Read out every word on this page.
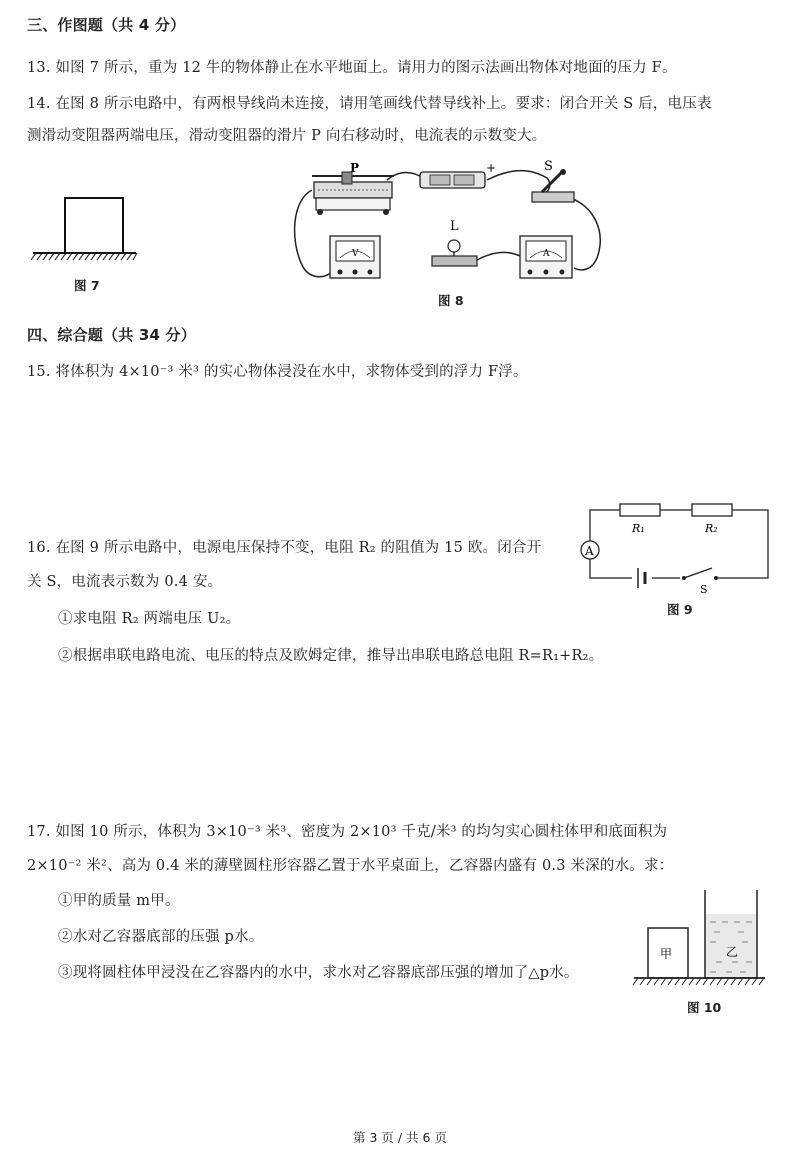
三、作图题（共 4 分）
13. 如图 7 所示，重为 12 牛的物体静止在水平地面上。请用力的图示法画出物体对地面的压力 F。
14. 在图 8 所示电路中，有两根导线尚未连接，请用笔画线代替导线补上。要求：闭合开关 S 后，电压表
测滑动变阻器两端电压，滑动变阻器的滑片 P 向右移动时，电流表的示数变大。
图 7
P	+	S
V
L
A
图 8
四、综合题（共 34 分）
15. 将体积为 4×10⁻³ 米³ 的实心物体浸没在水中，求物体受到的浮力 F浮。
16. 在图 9 所示电路中，电源电压保持不变，电阻 R₂ 的阻值为 15 欧。闭合开
关 S，电流表示数为 0.4 安。
①求电阻 R₂ 两端电压 U₂。
②根据串联电路电流、电压的特点及欧姆定律，推导出串联电路总电阻 R=R₁+R₂。
A
R₁	R₂
S
图 9
17. 如图 10 所示，体积为 3×10⁻³ 米³、密度为 2×10³ 千克/米³ 的均匀实心圆柱体甲和底面积为
2×10⁻² 米²、高为 0.4 米的薄壁圆柱形容器乙置于水平桌面上，乙容器内盛有 0.3 米深的水。求：
①甲的质量 m甲。
②水对乙容器底部的压强 p水。
③现将圆柱体甲浸没在乙容器内的水中，求水对乙容器底部压强的增加了△p水。
甲	乙
图 10
第 3 页 / 共 6 页
